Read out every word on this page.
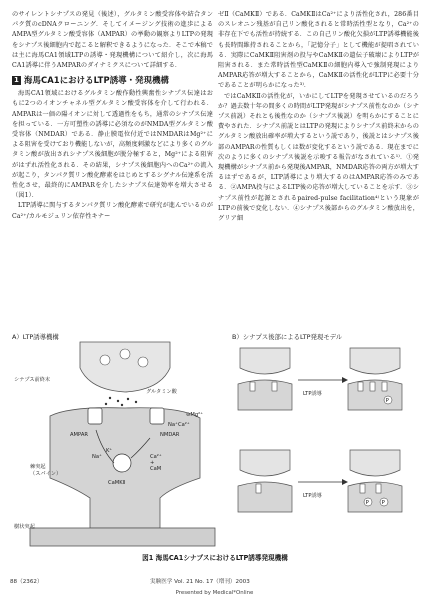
のサイレントシナプスの発見（後述），グルタミン酸受容体や結合タンパク質のcDNAクローニング．そしてイメージング技術の進歩によるAMPA型グルタミン酸受容体（AMPAR）の挙動の観察よりLTPの発現をシナプス後細胞内で起こると解釈できるようになった．そこで本稿では主に海馬CA1領域LTPの誘導・発現機構について紹介し，次に海馬CA1誘導に伴うAMPARのダイナミクスについて詳細する．

1 海馬CA1におけるLTP誘導・発現機構

海馬CA1領域におけるグルタミン酸作動性興奮性シナプス伝達はおもに2つのイオンチャネル型グルタミン酸受容体を介して行われる．AMPARは一価の陽イオンに対して透過性をもち，通常のシナプス伝達を担っている．一方可塑性の誘導に必須なのがNMDA型グルタミン酸受容体（NMDAR）である．静止膜電位付近ではNMDARはMg²⁺による阻害を受けており機能しないが，高頻度刺激などにより多くのグルタミン酸が放出されシナプス後細胞が脱分極すると，Mg²⁺による阻害がはずれ活性化される．その結果，シナプス後細胞内へのCa²⁺の流入が起こり，タンパク質リン酸化酵素をはじめとするシグナル伝達系を活性化させ，最終的にAMPARを介したシナプス伝達効率を増大させる（図1）．

LTP誘導に関与するタンパク質リン酸化酵素で研究が進んでいるのがCa²⁺/カルモジュリン依存性キナー

ゼⅡ（CaMKⅡ）である．CaMKⅡはCa²⁺により活性化され，286番目のスレオニン残基が自己リン酸化されると常時活性型となり，Ca²⁺の非存在下でも活性が持続する．この自己リン酸化欠損がLTP誘導機能後も長時間維持されることから，「記憶分子」として機能が提唱されている．実際にCaMKⅡ阻害剤の投与やCaMKⅡの遺伝子破壊によりLTPが阻害される．また常時活性型CaMKⅡの細胞内導入で強制発現によりAMPAR応答が増大することから，CaMKⅡの活性化がLTPに必要十分であることが明らかになった³⁾．

ではCaMKⅡの活性化が，いかにしてLTPを発現させているのだろうか？過去数十年の間多くの時間がLTP発現がシナプス前性なのか（シナプス前説）それとも後性なのか（シナプス後説）を明らかにすることに費やされた．シナプス前説とはLTPの発現によりシナプス前終末からのグルタミン酸放出確率が増大するという説であり，後説とはシナプス後部のAMPARの性質もしくは数が変化するという説である．現在までに次のように多くのシナプス後説を示唆する報告がなされている¹⁾．①発現機構がシナプス前から発現後AMPAR，NMDAR応答の両方が増大するはずであるが，LTP誘導により増大するのはAMPAR応答のみである．②AMPA投与によるLTP後の応答が増大していることを示す．③シナプス前性が起源とされるpaired-pulse facilitation⁴⁾という現象がLTPの前後で変化しない．④シナプス後部からのグルタミン酸放出を，グリア細

A）LTP誘導機構	B）シナプス後部によるLTP発現モデル
シナプス前終末
グルタミン酸
AMPAR	NMDAR
⊖Mg²⁺
Ca²⁺
Na⁺
K⁺
Na⁺
棘突起
（スパイン）
CaMKⅡ
Ca²⁺
+
CaM
樹状突起
P
P	P
LTP誘導
LTP誘導
図1 海馬CA1シナプスにおけるLTP誘導発現機構
88（2362）	実験医学 Vol. 21 No. 17（増刊）2003
Presented by Medical*Online
